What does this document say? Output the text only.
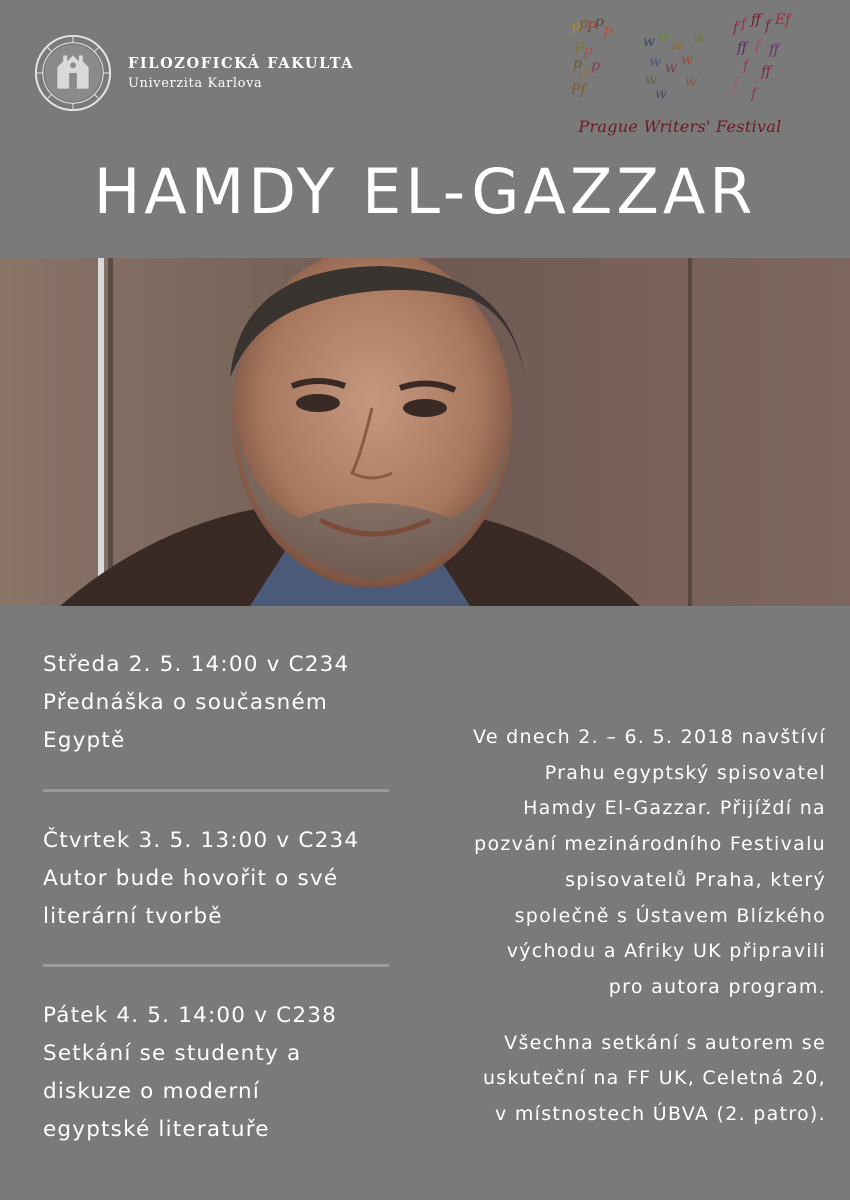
FILOZOFICKÁ FAKULTA
Univerzita Karlova
P
p P
p
P
p P
p
P
Pf
p
w w
w
w w
w
w
w
w
w
f f ff f Ef
ff f ff
f ff
f f
Prague Writers' Festival
HAMDY EL-GAZZAR
Středa 2. 5. 14:00 v C234
Přednáška o současném
Egyptě
Čtvrtek 3. 5. 13:00 v C234
Autor bude hovořit o své
literární tvorbě
Pátek 4. 5. 14:00 v C238
Setkání se studenty a
diskuze o moderní
egyptské literatuře

Ve dnech 2. – 6. 5. 2018 navštíví
Prahu egyptský spisovatel
Hamdy El-Gazzar. Přijíždí na
pozvání mezinárodního Festivalu
spisovatelů Praha, který
společně s Ústavem Blízkého
východu a Afriky UK připravili
pro autora program.

Všechna setkání s autorem se
uskuteční na FF UK, Celetná 20,
v místnostech ÚBVA (2. patro).
